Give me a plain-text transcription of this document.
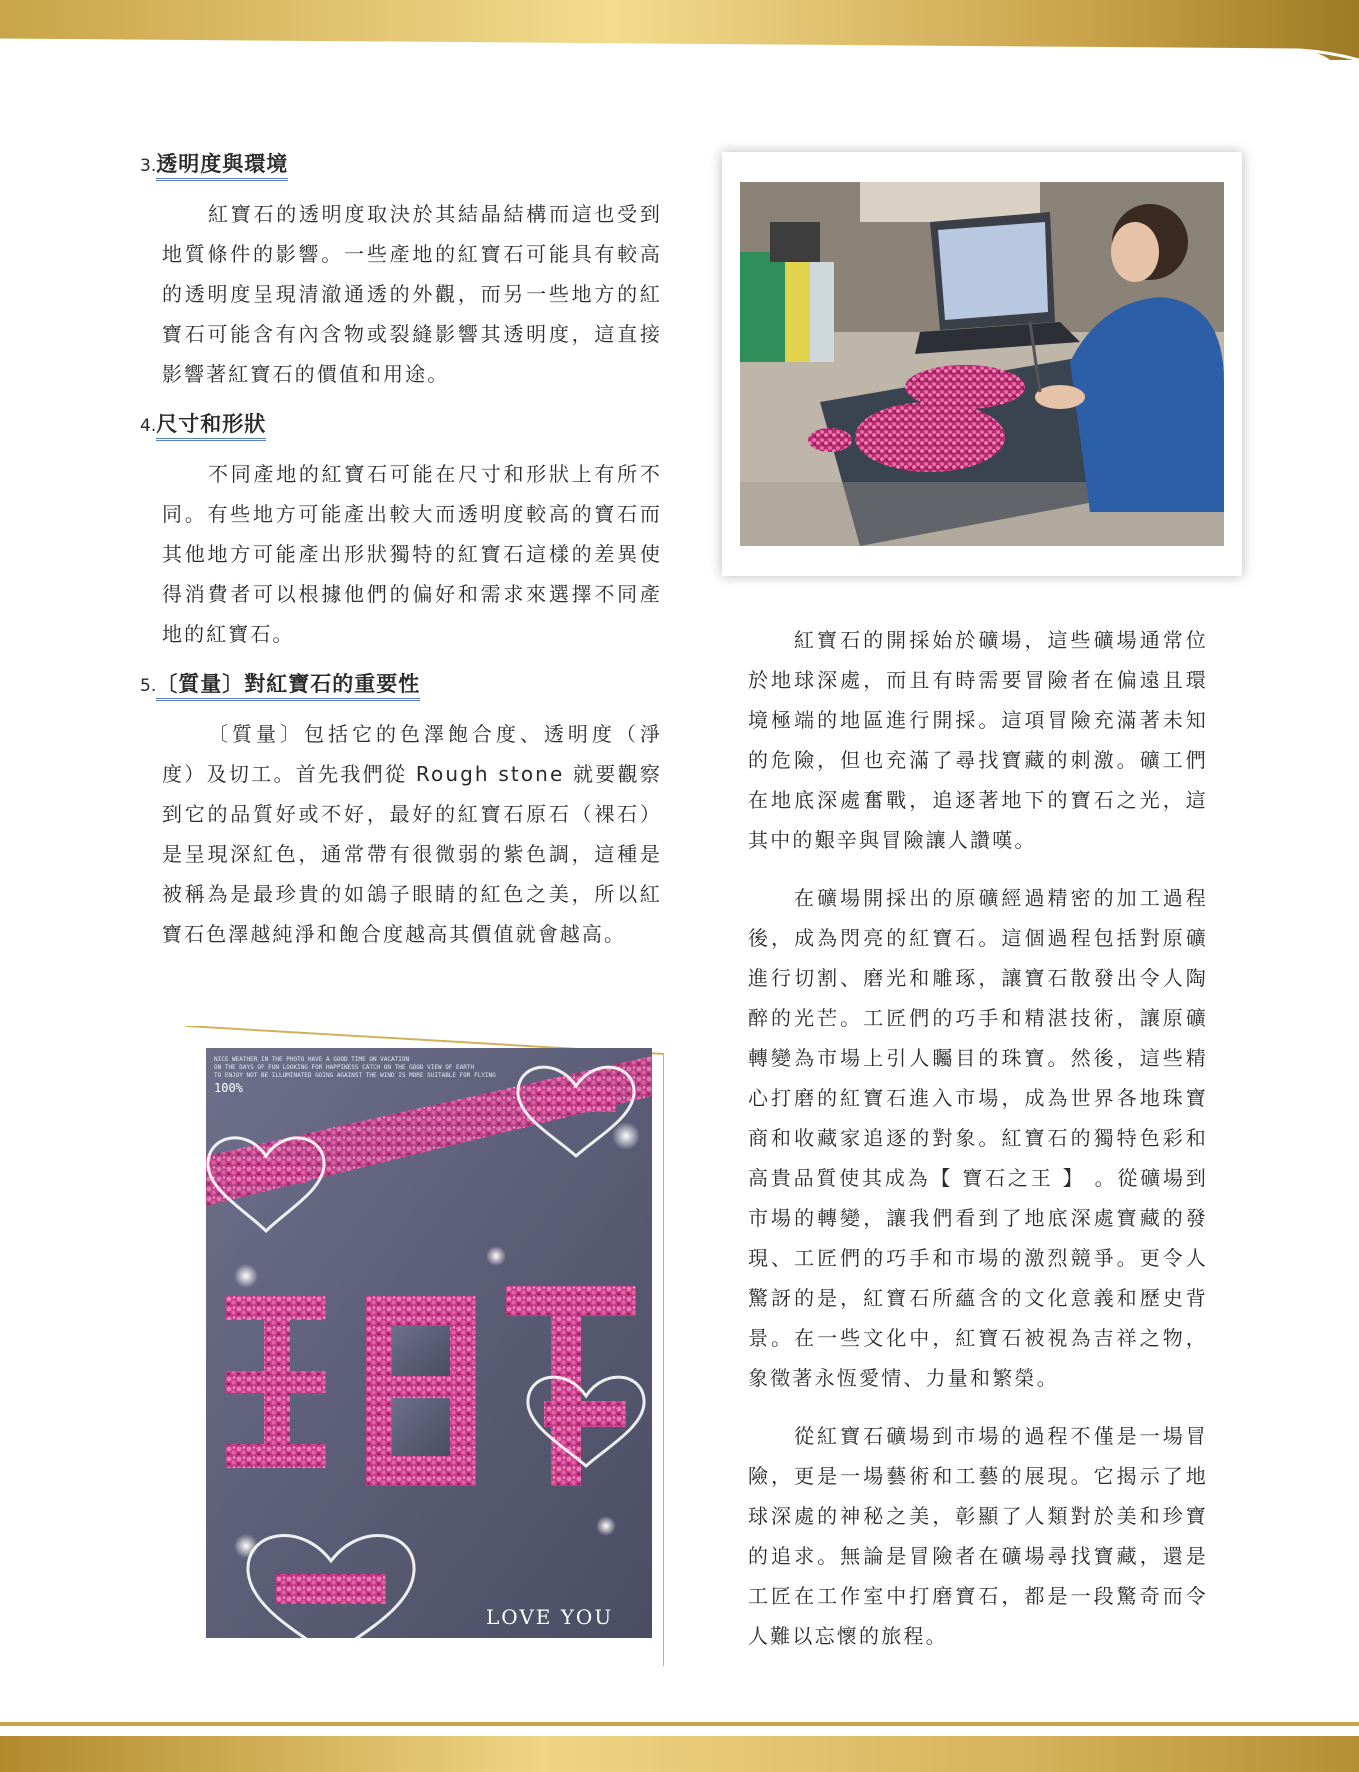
3.透明度與環境

紅寶石的透明度取決於其結晶結構而這也受到地質條件的影響。一些產地的紅寶石可能具有較高的透明度呈現清澈通透的外觀，而另一些地方的紅寶石可能含有內含物或裂縫影響其透明度，這直接影響著紅寶石的價值和用途。

4.尺寸和形狀

不同產地的紅寶石可能在尺寸和形狀上有所不同。有些地方可能產出較大而透明度較高的寶石而其他地方可能產出形狀獨特的紅寶石這樣的差異使得消費者可以根據他們的偏好和需求來選擇不同產地的紅寶石。

5.〔質量〕對紅寶石的重要性

〔質量〕包括它的色澤飽合度、透明度（淨度）及切工。首先我們從 Rough stone 就要觀察到它的品質好或不好，最好的紅寶石原石（裸石）是呈現深紅色，通常帶有很微弱的紫色調，這種是被稱為是最珍貴的如鴿子眼睛的紅色之美，所以紅寶石色澤越純淨和飽合度越高其價值就會越高。

紅寶石的開採始於礦場，這些礦場通常位於地球深處，而且有時需要冒險者在偏遠且環境極端的地區進行開採。這項冒險充滿著未知的危險，但也充滿了尋找寶藏的刺激。礦工們在地底深處奮戰，追逐著地下的寶石之光，這其中的艱辛與冒險讓人讚嘆。

在礦場開採出的原礦經過精密的加工過程後，成為閃亮的紅寶石。這個過程包括對原礦進行切割、磨光和雕琢，讓寶石散發出令人陶醉的光芒。工匠們的巧手和精湛技術，讓原礦轉變為市場上引人矚目的珠寶。然後，這些精心打磨的紅寶石進入市場，成為世界各地珠寶商和收藏家追逐的對象。紅寶石的獨特色彩和高貴品質使其成為【 寶石之王 】 。從礦場到市場的轉變，讓我們看到了地底深處寶藏的發現、工匠們的巧手和市場的激烈競爭。更令人驚訝的是，紅寶石所蘊含的文化意義和歷史背景。在一些文化中，紅寶石被視為吉祥之物，象徵著永恆愛情、力量和繁榮。

從紅寶石礦場到市場的過程不僅是一場冒險，更是一場藝術和工藝的展現。它揭示了地球深處的神秘之美，彰顯了人類對於美和珍寶的追求。無論是冒險者在礦場尋找寶藏，還是工匠在工作室中打磨寶石，都是一段驚奇而令人難以忘懷的旅程。

NICE WEATHER IN THE PHOTO HAVE A GOOD TIME ON VACATION
ON THE DAYS OF FUN LOOKING FOR HAPPINESS CATCH ON THE GOOD VIEW OF EARTH
TO ENJOY NOT BE ILLUMINATED GOING AGAINST THE WIND IS MORE SUITABLE FOR FLYING
100%
LOVE YOU
